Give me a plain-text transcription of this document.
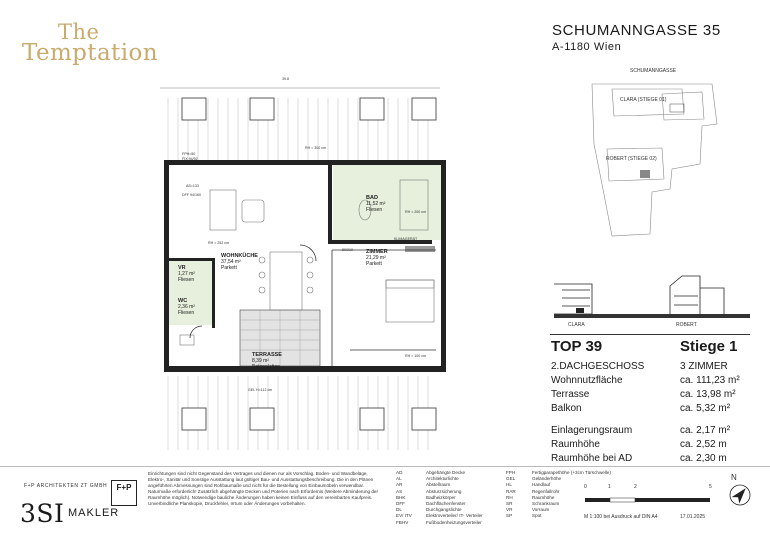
The
Temptation
SCHUMANNGASSE 35
A-1180 Wien
SCHUMANNGASSE
CLARA (STIEGE 01)
ROBERT (STIEGE 02)
CLARA	ROBERT
TOP 39	Stiege 1
2.DACHGESCHOSS	3 ZIMMER
Wohnnutzfläche	ca. 111,23 m²
Terrasse	ca. 13,98 m²
Balkon	ca. 5,32 m²
Einlagerungsraum	ca. 2,17 m²
Raumhöhe	ca. 2,52 m
Raumhöhe bei AD	ca. 2,30 m
39.8
WOHNKÜCHE
37,54 m²
Parkett
ZIMMER
21,29 m²
Parkett
BAD
11,52 m²
Fliesen
VR
1,27 m²
Fliesen
WC
2,36 m²
Fliesen
TERRASSE
8,39 m²
Betonplatten
FPH=50
FIX 94/92
AS=133
DFF 94/160
RH = 300 cm
RH = 252 cm
RH = 200 cm
RH = 100 cm
GEL H=112 cm
KLIMAGERÄT
80/210
F+P ARCHITEKTEN ZT GMBH	F+P
3SI MAKLER
Einrichtungen sind nicht Gegenstand des Vertrages und dienen nur als Vorschlag. Boden- und Wandbeläge, Elektro-, Sanitär und Sonstige Ausstattung laut gültiger Bau- und Ausstattungsbeschreibung. Die in den Plänen angeführten Abmessungen sind Rohbaumaße und nicht für die Bestellung von Einbaumöbeln verwendbar. Naturmaße erforderlich! Zusätzlich abgehängte Decken und Poterien nach Erfordernis (Weitere Abminderung der Raumhöhe möglich). Notwendige bauliche Änderungen haben keinen Einfluss auf den vereinbarten Kaufpreis. Unverbindliche Planskopie, Druckfehler, Irrtum oder Änderungen vorbehalten.
AD	Abgehängte Decke
AL	Architekturlichte
AR	Abstellraum
AS	Absturzsicherung
BHK	Badheizkörper
DFF	Dachflächenfenster
DL	Durchgangslichte
EV/ ITV	Elektroverteiler/ IT- Verteiler
FBHV	Fußbodenheizungsverteiler
FPH	Fertigparapethöhe (+3cm Türschwelle)
GEL	Geländerhöhe
HL	Handlauf
RAR	Regenfallrohr
RH	Raumhöhe
SR	Schrankraum
VR	Vorraum
SP	Spot
0	1	2	5
M 1:100 bei Ausdruck auf DIN A4	17.01.2025
N
